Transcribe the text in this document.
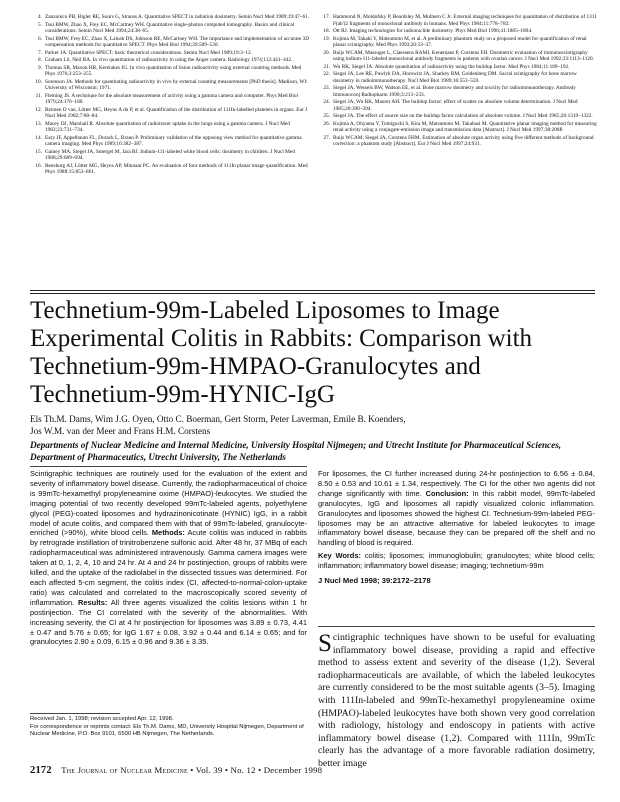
4. Zanzonico PB, Bigler RE, Sours G, Strauss A. Quantitative SPECT in radiation dosimetry. Semin Nucl Med 1989;19:47–61.
5. Tsui BMW, Zhao X, Frey EC, McCartney WH. Quantitative single-photon computed tomography. Basics and clinical considerations. Semin Nucl Med 1994;24:38–65.
6. Tsui BMW, Frey EC, Zhao X, Lalush DS, Johnson RE, McCartney WH. The importance and implementation of accurate 3D compensation methods for quantitative SPECT. Phys Med Biol 1994;39:509–530.
7. Parker JA. Quantitative SPECT: basic theoretical considerations. Semin Nucl Med 1989;19:3–12.
8. Graham LS, Neil BA. In vivo quantitation of radioactivity in using the Anger camera. Radiology 1974;112:441–442.
9. Thomas SR, Maxon HR, Kereiakes JG. In vivo quantitation of lision radioactivity using external counting methods. Med Phys 1976;3:253–255.
10. Sorenson JA. Methods for quantitating radioactivity in vivo by external counting measurements [PhD thesis]. Madison, WI: University of Wisconsin; 1971.
11. Fleming JS. A technique for the absolute measurement of activity using a gamma camera and computer. Phys Med Biol 1979;24:176–180.
12. Reimen O van, Lötter MG, Heyns A du P, et al. Quantification of the distribution of 111In-labelled platelets in organs. Eur J Nucl Med 1982;7:80–84.
13. Macey DJ, Marshall R. Absolute quantitation of radiotracer uptake in the lungs using a gamma camera. J Nucl Med 1982;23:731–734.
14. Eary JF, Appelbaum FL, Durack L, Braun P. Preliminary validation of the opposing view method for quantitative gamma camera imaging. Med Phys 1989;16:382–387.
15. Gainey MA, Siegel JA, Smergel M, Jara BJ. Indium-111-labeled white blood cells: dosimetry in children. J Nucl Med 1988;29:689–694.
16. Rensburg AJ, Lötter MG, Heyns AP, Minnaar PC. An evaluation of four methods of 111In planar image quantification. Med Phys 1988;15:853–861.
17. Hammond N, Moldofsky P, Beardsley M, Mulhern C Jr. External imaging techniques for quantitation of distribution of 131I F(ab')2 fragments of monoclonal antibody in humans. Med Phys 1984;11:778–783.
18. Ott RJ. Imaging technologies for radionuclide dosimetry. Phys Med Biol 1996;41:1885–1894.
19. Kojima M, Takaki Y, Matsumoto M, et al. A preliminary phantom study on a proposed model for quantification of renal planar scintigraphy. Med Phys 1993;20:33–37.
20. Buijs WCAM, Massuger L, Claessens RAMJ, Kenemans P, Corstens FH. Dosimetric evaluation of immunoscintigraphy using indium-111-labeled monoclonal antibody fragments in patients with ovarian cancer. J Nucl Med 1992;33:1113–1120.
21. Wu RK, Siegel JA. Absolute quantitation of radioactivity using the buildup factor. Med Phys 1984;11:189–192.
22. Siegel JA, Lee RE, Pawlyk DA, Horowitz JA, Sharkey RM, Goldenberg DM. Sacral scintigraphy for bone marrow dosimetry in radioimmunotherapy. Nucl Med Biol 1989;16:553–559.
23. Siegel JA, Wessels BW, Watson EE, et al. Bone marrow dosimetry and toxicity for radioimmunotherapy. Antibody Immunoconj Radiopharm 1990;3:213–233.
24. Siegel JA, Wu RK, Maurer AH. The buildup factor: effect of scatter on absolute volume determination. J Nucl Med 1985;26:390–394.
25. Siegel JA. The effect of source size on the buildup factor calculation of absolute volume. J Nucl Med 1985;26:1319–1322.
26. Kojima A, Ohyama Y, Tomiguchi S, Kira M, Matsumoto M, Takahasi M. Quantitative planar imaging method for measuring renal activity using a conjugate-emission image and transmission data [Abstract]. J Nucl Med 1997;38:208P.
27. Buijs WCAM, Siegel JA, Corstens FHM. Estimation of absolute organ activity using five different methods of background correction: a phantom study [Abstract]. Eur J Nucl Med 1997;24:931.
Technetium-99m-Labeled Liposomes to Image Experimental Colitis in Rabbits: Comparison with Technetium-99m-HMPAO-Granulocytes and Technetium-99m-HYNIC-IgG
Els Th.M. Dams, Wim J.G. Oyen, Otto C. Boerman, Gert Storm, Peter Laverman, Emile B. Koenders,
Jos W.M. van der Meer and Frans H.M. Corstens
Departments of Nuclear Medicine and Internal Medicine, University Hospital Nijmegen; and Utrecht Institute for Pharmaceutical Sciences, Department of Pharmaceutics, Utrecht University, The Netherlands
Scintigraphic techniques are routinely used for the evaluation of the extent and severity of inflammatory bowel disease. Currently, the radiopharmaceutical of choice is 99mTc-hexamethyl propyleneamine oxime (HMPAO)-leukocytes. We studied the imaging potential of two recently developed 99mTc-labeled agents, polyethylene glycol (PEG)-coated liposomes and hydrazinonicotinate (HYNIC) IgG, in a rabbit model of acute colitis, and compared them with that of 99mTc-labeled, granulocyte-enriched (>90%), white blood cells. Methods: Acute colitis was induced in rabbits by retrograde instillation of trinitrobenzene sulfonic acid. After 48 hr, 37 MBq of each radiopharmaceutical was administered intravenously. Gamma camera images were taken at 0, 1, 2, 4, 10 and 24 hr. At 4 and 24 hr postinjection, groups of rabbits were killed, and the uptake of the radiolabel in the dissected tissues was determined. For each affected 5-cm segment, the colitis index (CI, affected-to-normal-colon-uptake ratio) was calculated and correlated to the macroscopically scored severity of inflammation. Results: All three agents visualized the colitis lesions within 1 hr postinjection. The CI correlated with the severity of the abnormalities. With increasing severity, the CI at 4 hr postinjection for liposomes was 3.89 ± 0.73, 4.41 ± 0.47 and 5.76 ± 0.65; for IgG 1.67 ± 0.08, 3.92 ± 0.44 and 6.14 ± 0.65; and for granulocytes 2.90 ± 0.09, 6.15 ± 0.96 and 9.36 ± 3.35.
For liposomes, the CI further increased during 24-hr postinjection to 6.56 ± 0.84, 8.50 ± 0.53 and 10.61 ± 1.34, respectively. The CI for the other two agents did not change significantly with time. Conclusion: In this rabbit model, 99mTc-labeled granulocytes, IgG and liposomes all rapidly visualized colonic inflammation. Granulocytes and liposomes showed the highest CI. Technetium-99m-labeled PEG-liposomes may be an attractive alternative for labeled leukocytes to image inflammatory bowel disease, because they can be prepared off the shelf and no handling of blood is required.
Key Words: colitis; liposomes; immunoglobulin; granulocytes; white blood cells; inflammation; inflammatory bowel disease; imaging; technetium-99m
J Nucl Med 1998; 39:2172–2178
Scintigraphic techniques have shown to be useful for evaluating inflammatory bowel disease, providing a rapid and effective method to assess extent and severity of the disease (1,2). Several radiopharmaceuticals are available, of which the labeled leukocytes are currently considered to be the most suitable agents (3–5). Imaging with 111In-labeled and 99mTc-hexamethyl propyleneamine oxime (HMPAO)-labeled leukocytes have both shown very good correlation with radiology, histology and endoscopy in patients with active inflammatory bowel disease (1,2). Compared with 111In, 99mTc clearly has the advantage of a more favorable radiation dosimetry, better image

Received Jan. 1, 1998; revision accepted Apr. 12, 1998.

For correspondence or reprints contact: Els Th.M. Dams, MD, University Hospital Nijmegen, Department of Nuclear Medicine, P.O. Box 9101, 6500 HB Nijmegen, The Netherlands.

2172 The Journal of Nuclear Medicine • Vol. 39 • No. 12 • December 1998
